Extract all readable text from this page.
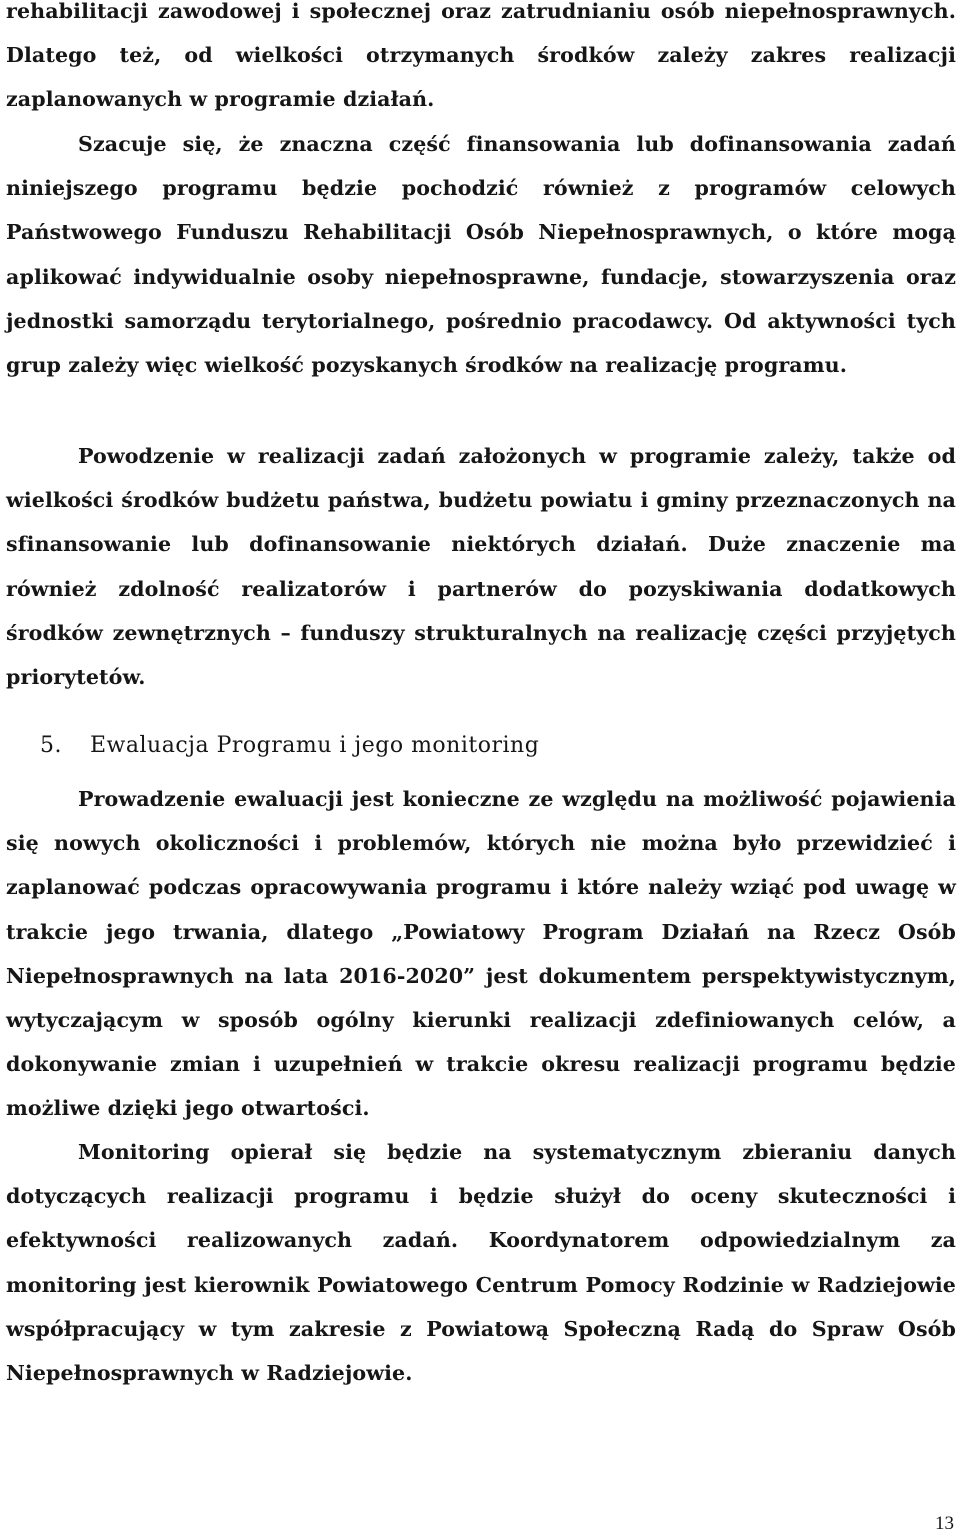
rehabilitacji zawodowej i społecznej oraz zatrudnianiu osób niepełnosprawnych. Dlatego też, od wielkości otrzymanych środków zależy zakres realizacji zaplanowanych w programie działań.

Szacuje się, że znaczna część finansowania lub dofinansowania zadań niniejszego programu będzie pochodzić również z programów celowych Państwowego Funduszu Rehabilitacji Osób Niepełnosprawnych, o które mogą aplikować indywidualnie osoby niepełnosprawne, fundacje, stowarzyszenia oraz jednostki samorządu terytorialnego, pośrednio pracodawcy. Od aktywności tych grup zależy więc wielkość pozyskanych środków na realizację programu.

Powodzenie w realizacji zadań założonych w programie zależy, także od wielkości środków budżetu państwa, budżetu powiatu i gminy przeznaczonych na sfinansowanie lub dofinansowanie niektórych działań. Duże znaczenie ma również zdolność realizatorów i partnerów do pozyskiwania dodatkowych środków zewnętrznych – funduszy strukturalnych na realizację części przyjętych priorytetów.

5. Ewaluacja Programu i jego monitoring

Prowadzenie ewaluacji jest konieczne ze względu na możliwość pojawienia się nowych okoliczności i problemów, których nie można było przewidzieć i zaplanować podczas opracowywania programu i które należy wziąć pod uwagę w trakcie jego trwania, dlatego „Powiatowy Program Działań na Rzecz Osób Niepełnosprawnych na lata 2016-2020” jest dokumentem perspektywistycznym, wytyczającym w sposób ogólny kierunki realizacji zdefiniowanych celów, a dokonywanie zmian i uzupełnień w trakcie okresu realizacji programu będzie możliwe dzięki jego otwartości.

Monitoring opierał się będzie na systematycznym zbieraniu danych dotyczących realizacji programu i będzie służył do oceny skuteczności i efektywności realizowanych zadań. Koordynatorem odpowiedzialnym za monitoring jest kierownik Powiatowego Centrum Pomocy Rodzinie w Radziejowie współpracujący w tym zakresie z Powiatową Społeczną Radą do Spraw Osób Niepełnosprawnych w Radziejowie.

13
